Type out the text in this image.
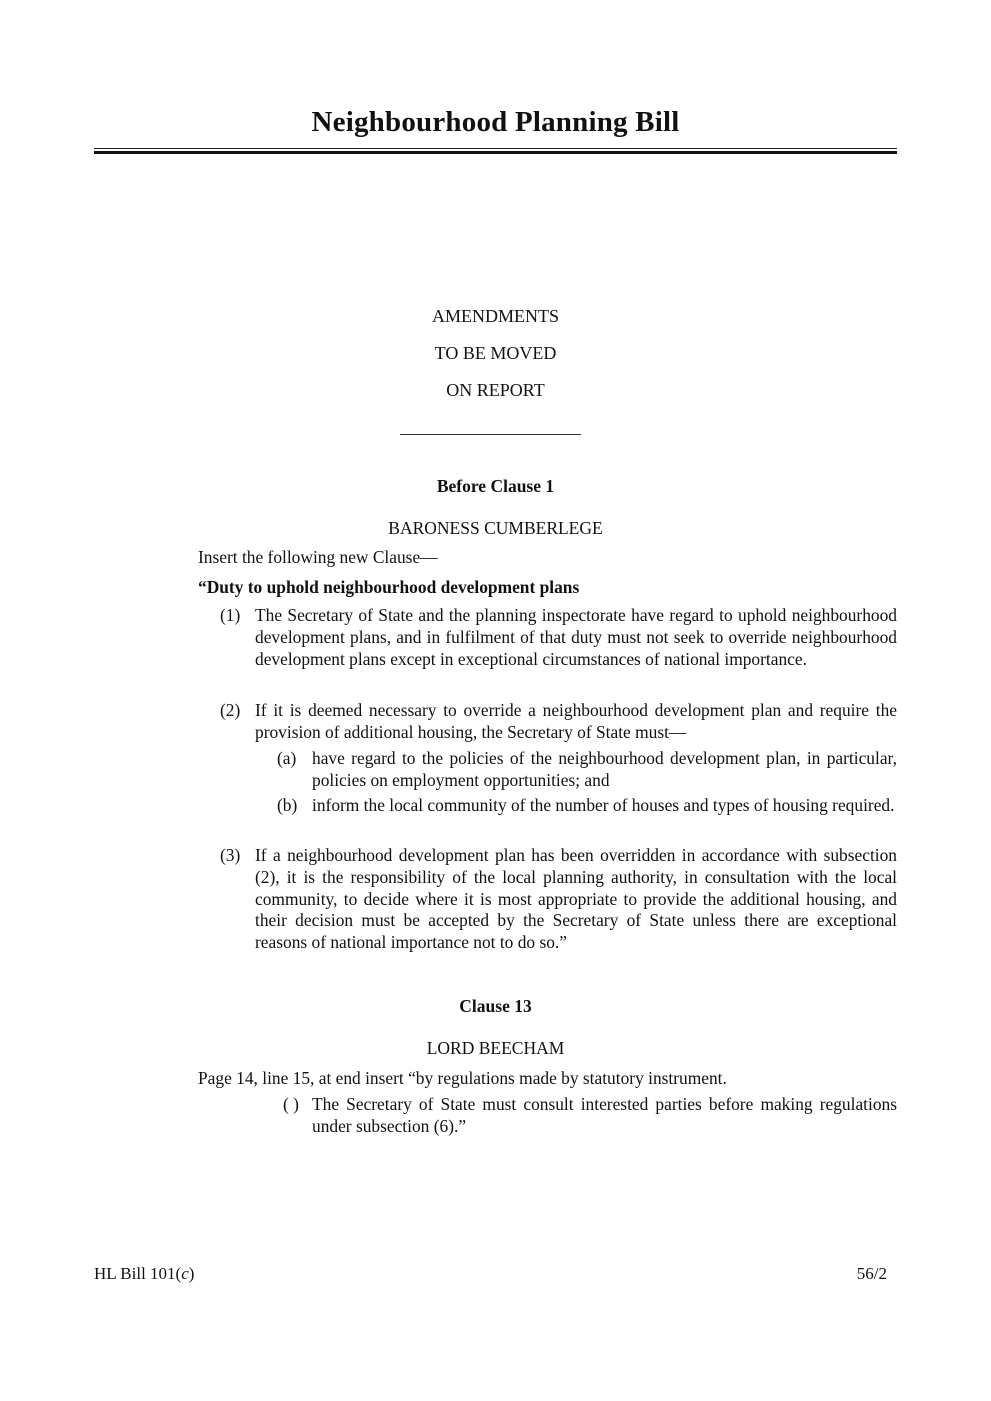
Neighbourhood Planning Bill
AMENDMENTS
TO BE MOVED
ON REPORT
Before Clause 1
BARONESS CUMBERLEGE
Insert the following new Clause—
“Duty to uphold neighbourhood development plans
(1) The Secretary of State and the planning inspectorate have regard to uphold neighbourhood development plans, and in fulfilment of that duty must not seek to override neighbourhood development plans except in exceptional circumstances of national importance.
(2) If it is deemed necessary to override a neighbourhood development plan and require the provision of additional housing, the Secretary of State must—
(a) have regard to the policies of the neighbourhood development plan, in particular, policies on employment opportunities; and
(b) inform the local community of the number of houses and types of housing required.
(3) If a neighbourhood development plan has been overridden in accordance with subsection (2), it is the responsibility of the local planning authority, in consultation with the local community, to decide where it is most appropriate to provide the additional housing, and their decision must be accepted by the Secretary of State unless there are exceptional reasons of national importance not to do so.”
Clause 13
LORD BEECHAM
Page 14, line 15, at end insert “by regulations made by statutory instrument.
( ) The Secretary of State must consult interested parties before making regulations under subsection (6).”
HL Bill 101(c)	56/2
